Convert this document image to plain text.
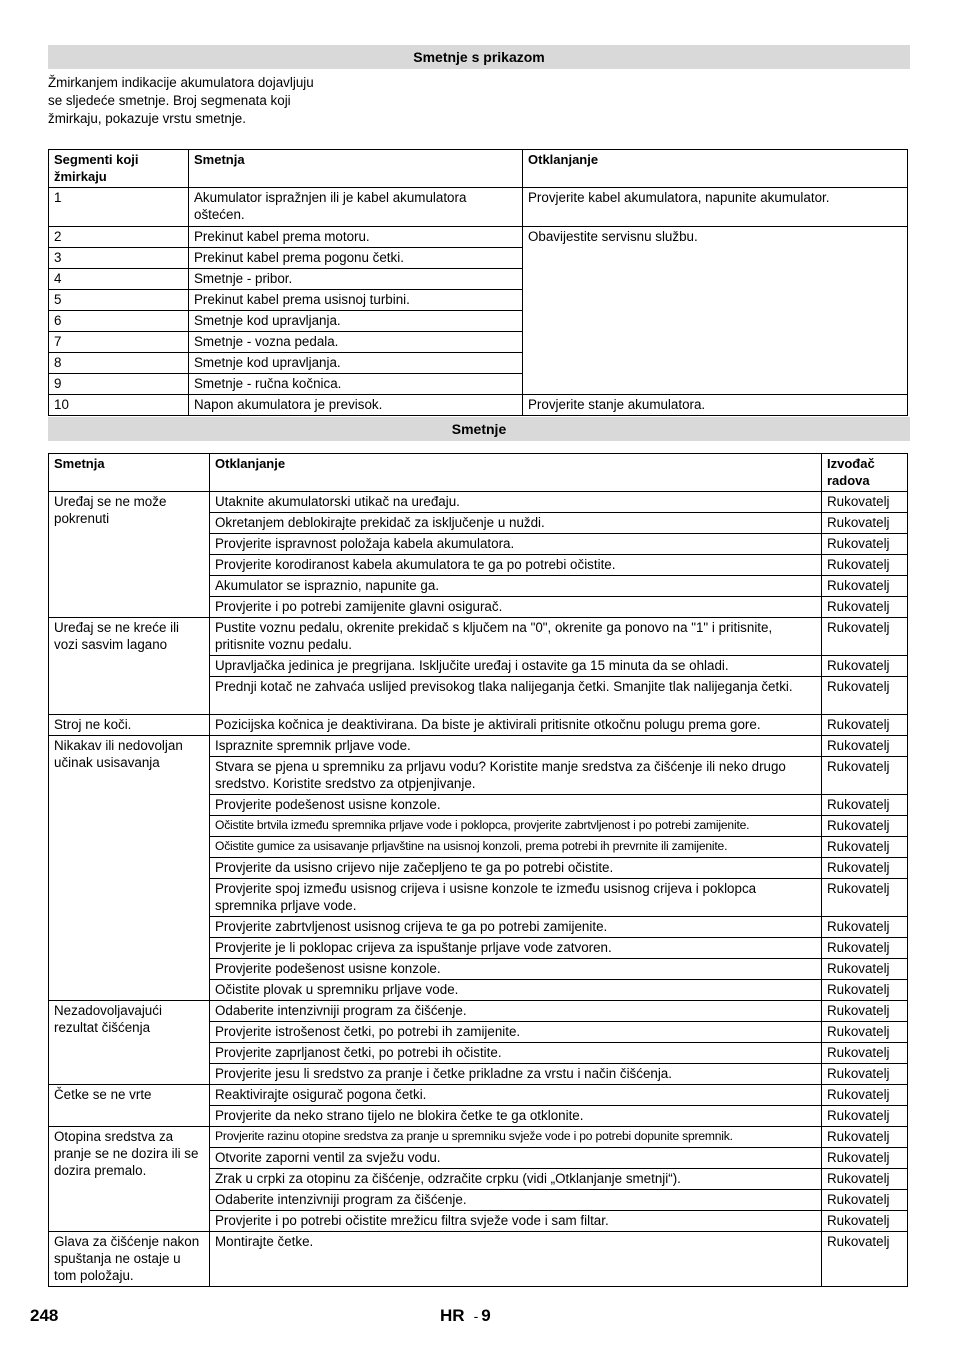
Smetnje s prikazom
Žmirkanjem indikacije akumulatora dojavljuju se sljedeće smetnje. Broj segmenata koji žmirkaju, pokazuje vrstu smetnje.
Segmenti koji žmirkaju	Smetnja	Otklanjanje
1	Akumulator ispražnjen ili je kabel akumulatora oštećen.	Provjerite kabel akumulatora, napunite akumulator.
2	Prekinut kabel prema motoru.	Obavijestite servisnu službu.
3	Prekinut kabel prema pogonu četki.	
4	Smetnje - pribor.	
5	Prekinut kabel prema usisnoj turbini.	
6	Smetnje kod upravljanja.	
7	Smetnje - vozna pedala.	
8	Smetnje kod upravljanja.	
9	Smetnje - ručna kočnica.	
10	Napon akumulatora je previsok.	Provjerite stanje akumulatora.
Smetnje
Smetnja	Otklanjanje	Izvođač radova
Uređaj se ne može pokrenuti	Utaknite akumulatorski utikač na uređaju.	Rukovatelj
	Okretanjem deblokirajte prekidač za isključenje u nuždi.	Rukovatelj
	Provjerite ispravnost položaja kabela akumulatora.	Rukovatelj
	Provjerite korodiranost kabela akumulatora te ga po potrebi očistite.	Rukovatelj
	Akumulator se ispraznio, napunite ga.	Rukovatelj
	Provjerite i po potrebi zamijenite glavni osigurač.	Rukovatelj
Uređaj se ne kreće ili vozi sasvim lagano	Pustite voznu pedalu, okrenite prekidač s ključem na "0", okrenite ga ponovo na "1" i pritisnite, pritisnite voznu pedalu.	Rukovatelj
	Upravljačka jedinica je pregrijana. Isključite uređaj i ostavite ga 15 minuta da se ohladi.	Rukovatelj
	Prednji kotač ne zahvaća uslijed previsokog tlaka nalijeganja četki. Smanjite tlak nalijeganja četki.	Rukovatelj
Stroj ne koči.	Pozicijska kočnica je deaktivirana. Da biste je aktivirali pritisnite otkočnu polugu prema gore.	Rukovatelj
Nikakav ili nedovoljan učinak usisavanja	Ispraznite spremnik prljave vode.	Rukovatelj
	Stvara se pjena u spremniku za prljavu vodu? Koristite manje sredstva za čišćenje ili neko drugo sredstvo. Koristite sredstvo za otpjenjivanje.	Rukovatelj
	Provjerite podešenost usisne konzole.	Rukovatelj
	Očistite brtvila između spremnika prljave vode i poklopca, provjerite zabrtvljenost i po potrebi zamijenite.	Rukovatelj
	Očistite gumice za usisavanje prljavštine na usisnoj konzoli, prema potrebi ih prevrnite ili zamijenite.	Rukovatelj
	Provjerite da usisno crijevo nije začepljeno te ga po potrebi očistite.	Rukovatelj
	Provjerite spoj između usisnog crijeva i usisne konzole te između usisnog crijeva i poklopca spremnika prljave vode.	Rukovatelj
	Provjerite zabrtvljenost usisnog crijeva te ga po potrebi zamijenite.	Rukovatelj
	Provjerite je li poklopac crijeva za ispuštanje prljave vode zatvoren.	Rukovatelj
	Provjerite podešenost usisne konzole.	Rukovatelj
	Očistite plovak u spremniku prljave vode.	Rukovatelj
Nezadovoljavajući rezultat čišćenja	Odaberite intenzivniji program za čišćenje.	Rukovatelj
	Provjerite istrošenost četki, po potrebi ih zamijenite.	Rukovatelj
	Provjerite zaprljanost četki, po potrebi ih očistite.	Rukovatelj
	Provjerite jesu li sredstvo za pranje i četke prikladne za vrstu i način čišćenja.	Rukovatelj
Četke se ne vrte	Reaktivirajte osigurač pogona četki.	Rukovatelj
	Provjerite da neko strano tijelo ne blokira četke te ga otklonite.	Rukovatelj
Otopina sredstva za pranje se ne dozira ili se dozira premalo.	Provjerite razinu otopine sredstva za pranje u spremniku svježe vode i po potrebi dopunite spremnik.	Rukovatelj
	Otvorite zaporni ventil za svježu vodu.	Rukovatelj
	Zrak u crpki za otopinu za čišćenje, odzračite crpku (vidi „Otklanjanje smetnji“).	Rukovatelj
	Odaberite intenzivniji program za čišćenje.	Rukovatelj
	Provjerite i po potrebi očistite mrežicu filtra svježe vode i sam filtar.	Rukovatelj
Glava za čišćenje nakon spuštanja ne ostaje u tom položaju.	Montirajte četke.	Rukovatelj
248	HR - 9
